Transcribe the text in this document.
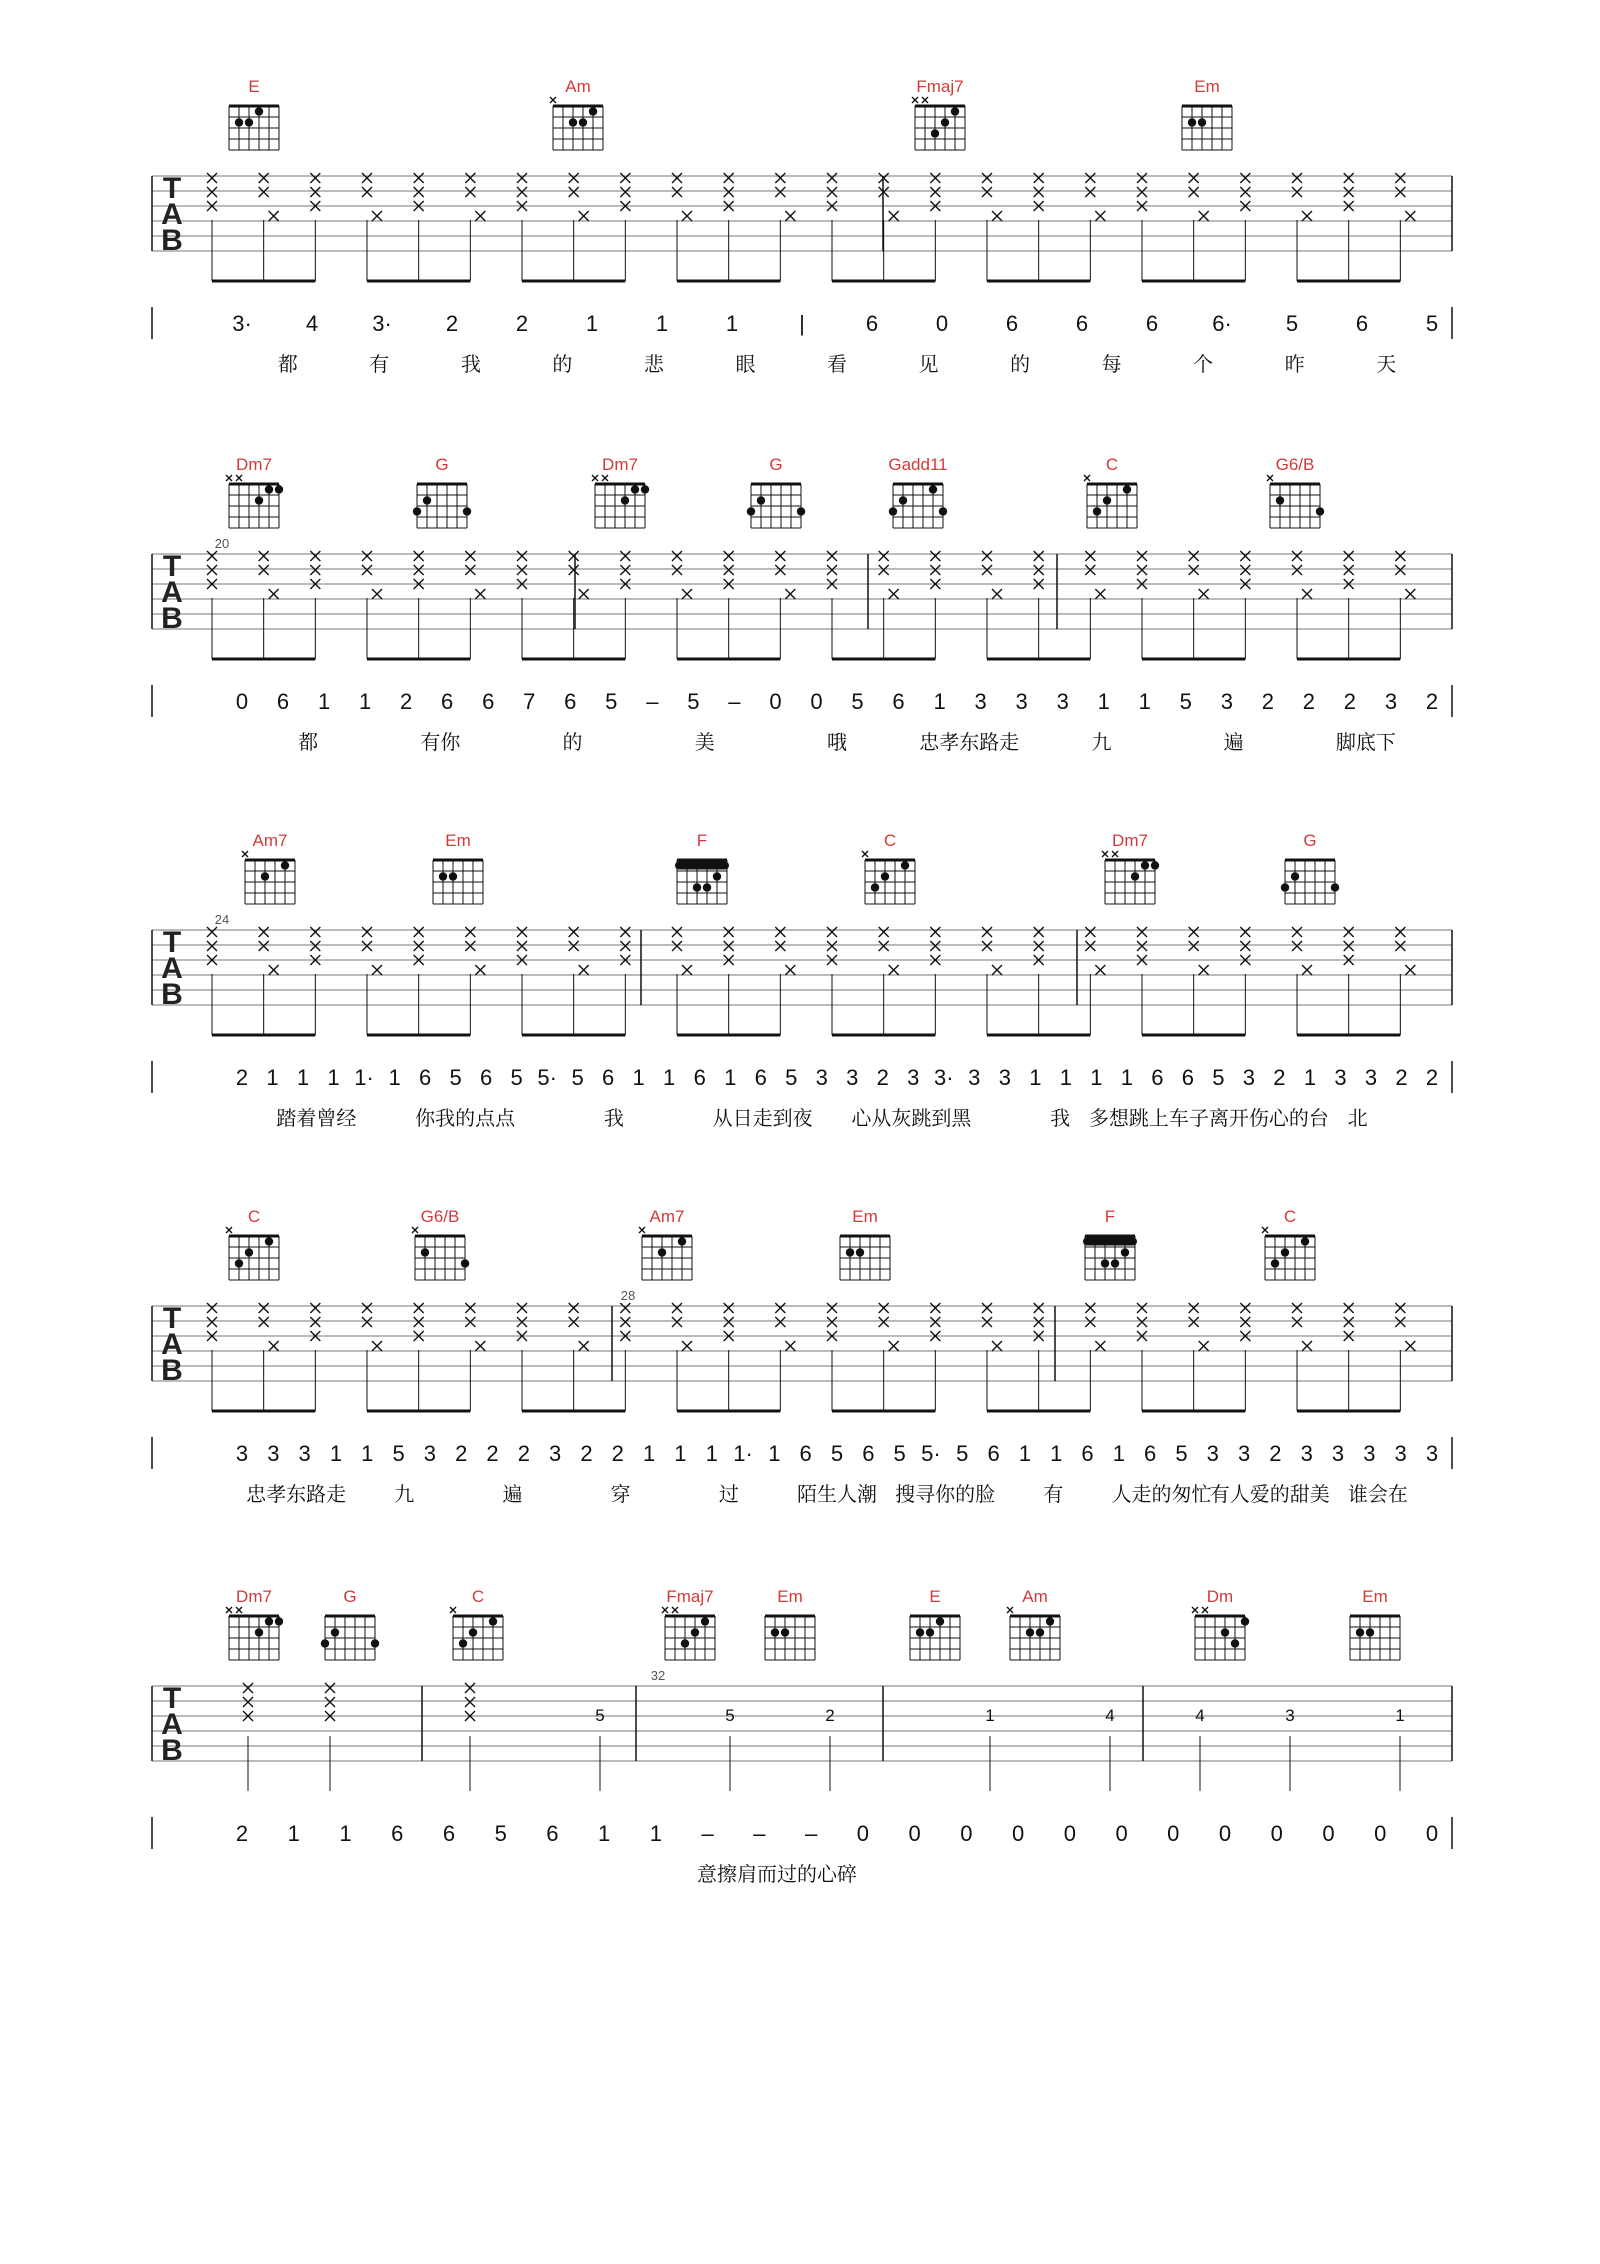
E	Am	Fmaj7	Em
T
A
B
3· 4 3· 2	2	1	1	1	|	6	0	6	6	6 6· 5	6	5
都	有	我	的	悲	眼	看	见	的	每	个	昨	天
Dm7	G	Dm7	G	Gadd11	C	G6/B
T
A
B
20
0 6 1 1 2 6 6 7 6 5 – 5 – 0 0 5 6 1 3 3 3 1 1 5 3 2 2 2 3 2
都	有你	的	美	哦	忠孝东路走	九	遍	脚底下
Am7	Em	F	C	Dm7	G
T
A
B
24
2 1 1 1 1· 1 6 5 6 5 5· 5 6 1 1 6 1 6 5 3 3 2 3 3· 3 3 1 1 1 1 6 6 5 3 2 1 3 3 2 2
踏着曾经	你我的点点	我	从日走到夜 心从灰跳到黑	我 多想跳上车子离开伤心的台 北
C	G6/B	Am7	Em	F	C
T
A
B
28
3 3 3 1 1 5 3 2 2 2 3 2 2 1 1 1 1· 1 6 5 6 5 5· 5 6 1 1 6 1 6 5 3 3 2 3 3 3 3 3
忠孝东路走 九	遍	穿	过	陌生人潮 搜寻你的脸 有 人走的匆忙
有人爱的甜美 谁会在
Dm7	G	C	Fmaj7	Em	E	Am	Dm	Em
T
A
B
32
5	5	2	1	4	4	3	1
2 1 1 6 6 5 6 1 1 – – – 0 0 0 0 0 0 0 0 0 0 0 0
意擦肩而过的心碎
